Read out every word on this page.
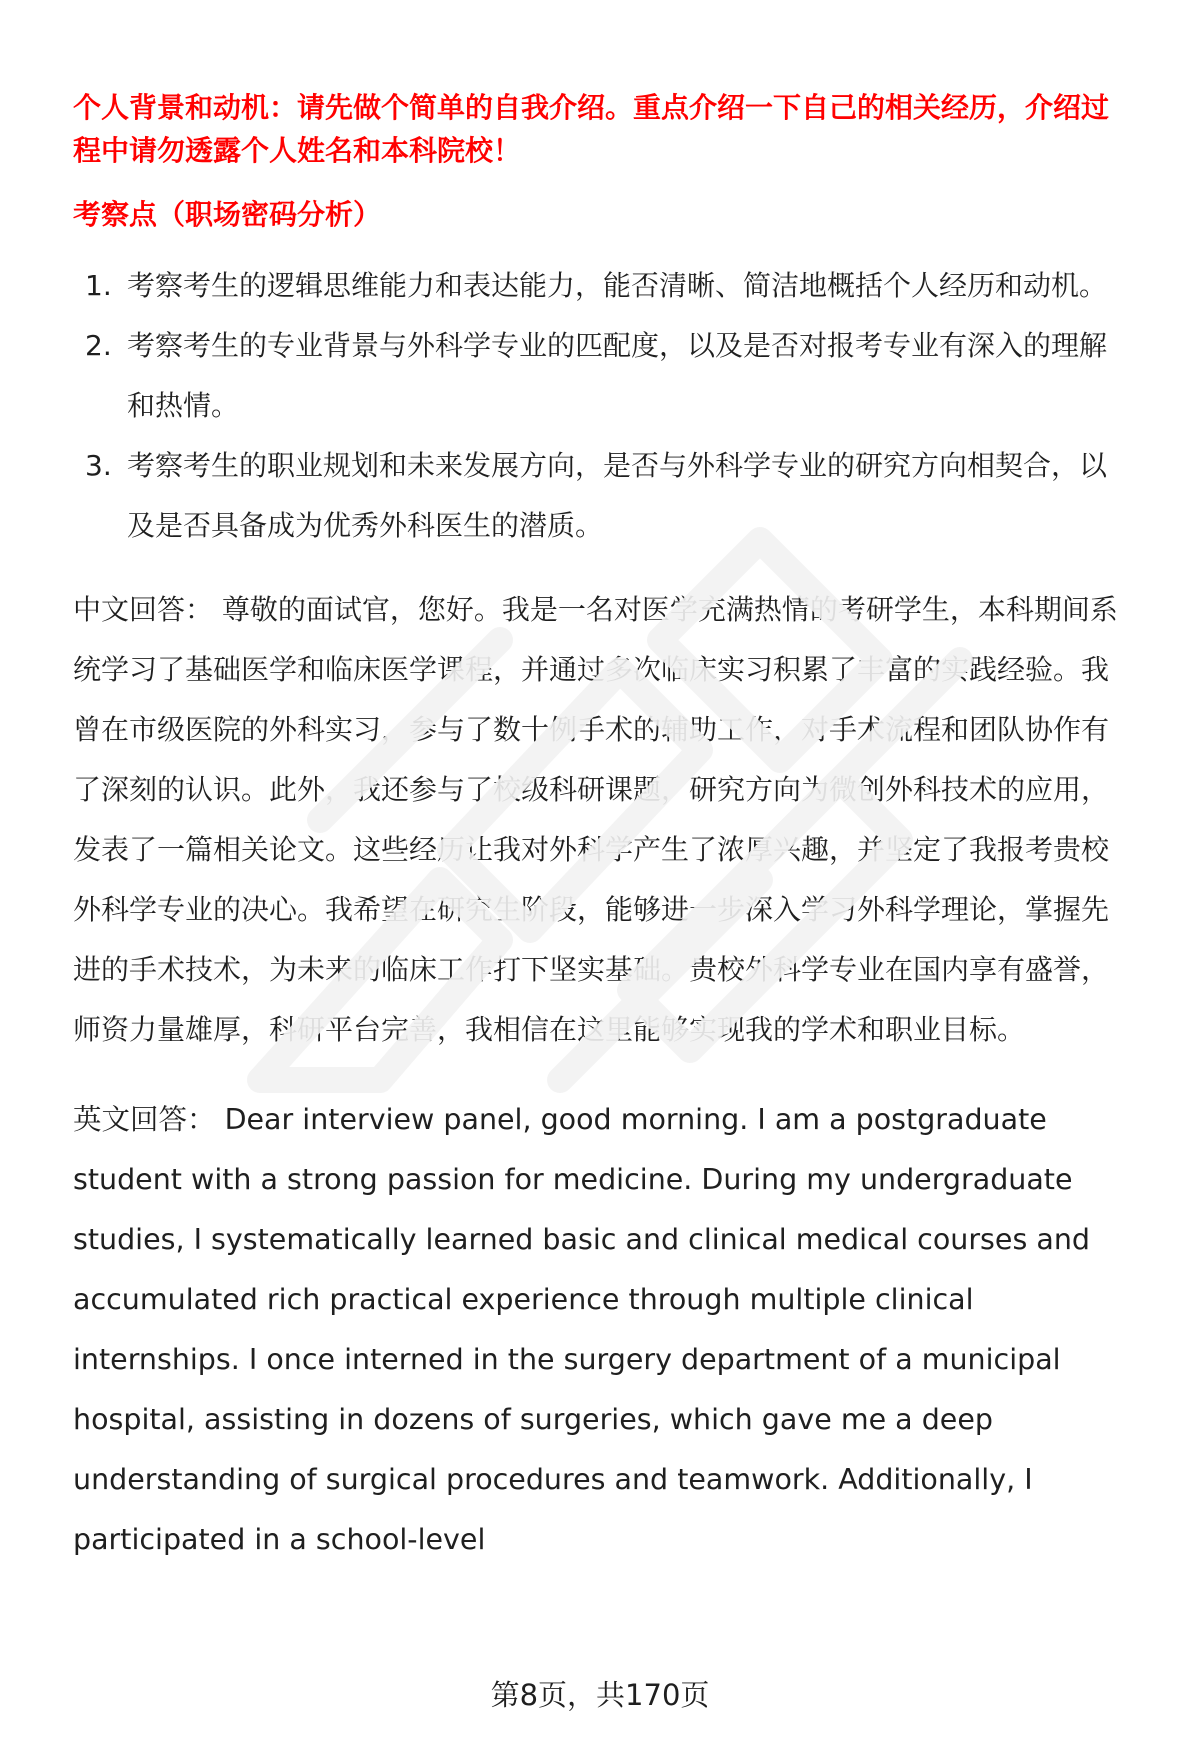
个人背景和动机：请先做个简单的自我介绍。重点介绍一下自己的相关经历，介绍过程中请勿透露个人姓名和本科院校！

考察点（职场密码分析）

1. 考察考生的逻辑思维能力和表达能力，能否清晰、简洁地概括个人经历和动机。
2. 考察考生的专业背景与外科学专业的匹配度，以及是否对报考专业有深入的理解和热情。
3. 考察考生的职业规划和未来发展方向，是否与外科学专业的研究方向相契合，以及是否具备成为优秀外科医生的潜质。

中文回答： 尊敬的面试官，您好。我是一名对医学充满热情的考研学生，本科期间系统学习了基础医学和临床医学课程，并通过多次临床实习积累了丰富的实践经验。我曾在市级医院的外科实习，参与了数十例手术的辅助工作，对手术流程和团队协作有了深刻的认识。此外，我还参与了校级科研课题，研究方向为微创外科技术的应用，发表了一篇相关论文。这些经历让我对外科学产生了浓厚兴趣，并坚定了我报考贵校外科学专业的决心。我希望在研究生阶段，能够进一步深入学习外科学理论，掌握先进的手术技术，为未来的临床工作打下坚实基础。贵校外科学专业在国内享有盛誉，师资力量雄厚，科研平台完善，我相信在这里能够实现我的学术和职业目标。

英文回答： Dear interview panel, good morning. I am a postgraduate student with a strong passion for medicine. During my undergraduate studies, I systematically learned basic and clinical medical courses and accumulated rich practical experience through multiple clinical internships. I once interned in the surgery department of a municipal hospital, assisting in dozens of surgeries, which gave me a deep understanding of surgical procedures and teamwork. Additionally, I participated in a school-level

第8页，共170页
